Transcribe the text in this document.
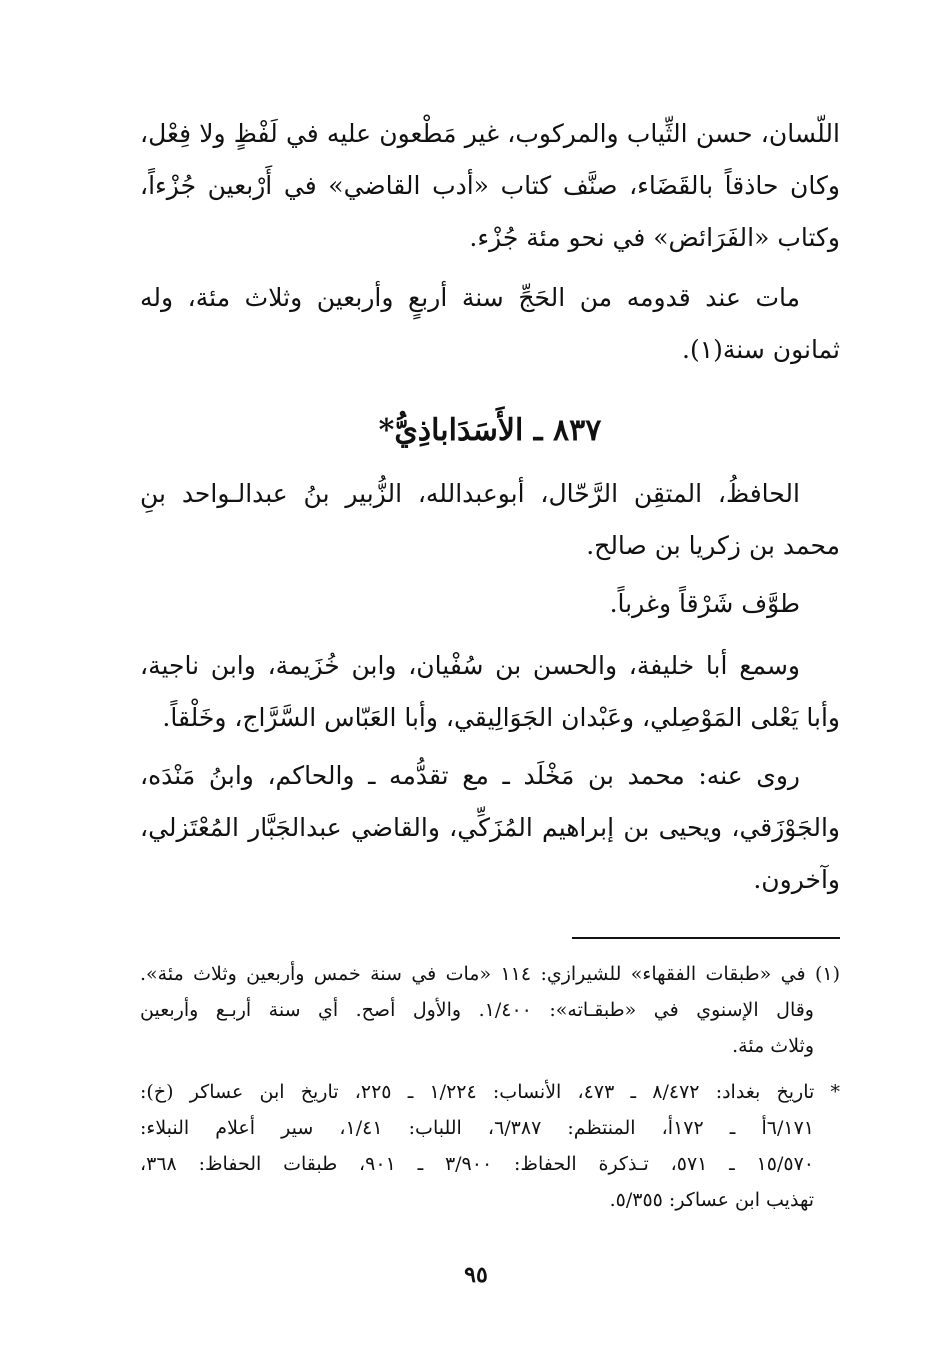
اللّسان، حسن الثِّياب والمركوب، غير مَطْعون عليه في لَفْظٍ ولا فِعْل،
وكان حاذقاً بالقَضَاء، صنَّف كتاب «أدب القاضي» في أَرْبعين جُزْءاً،
وكتاب «الفَرَائض» في نحو مئة جُزْء.
مات عند قدومه من الحَجِّ سنة أربعٍ وأربعين وثلاث مئة، وله
ثمانون سنة(١).
٨٣٧ ـ الأَسَدَاباذِيُّ*
الحافظُ، المتقِن الرَّحّال، أبوعبدالله، الزُّبير بنُ عبدالـواحد بنِ
محمد بن زكريا بن صالح.
طوَّف شَرْقاً وغرباً.
وسمع أبا خليفة، والحسن بن سُفْيان، وابن خُزَيمة، وابن ناجية،
وأبا يَعْلى المَوْصِلي، وعَبْدان الجَوَالِيقي، وأبا العَبّاس السَّرَّاج، وخَلْقاً.
روى عنه: محمد بن مَخْلَد ـ مع تقدُّمه ـ والحاكم، وابنُ مَنْدَه،
والجَوْزَقي، ويحيى بن إبراهيم المُزَكِّي، والقاضي عبدالجَبَّار المُعْتَزلي،
وآخرون.
(١) في «طبقات الفقهاء» للشيرازي: ١١٤ «مات في سنة خمس وأربعين وثلاث مئة».
وقال الإسنوي في «طبقـاته»: ١/٤٠٠. والأول أصح. أي سنة أربـع وأربعين
وثلاث مئة.
* تاريخ بغداد: ٨/٤٧٢ ـ ٤٧٣، الأنساب: ١/٢٢٤ ـ ٢٢٥، تاريخ ابن عساكر (خ):
٦/١٧١أ ـ ١٧٢أ، المنتظم: ٦/٣٨٧، اللباب: ١/٤١، سير أعلام النبلاء:
١٥/٥٧٠ ـ ٥٧١، تـذكرة الحفاظ: ٣/٩٠٠ ـ ٩٠١، طبقات الحفاظ: ٣٦٨،
تهذيب ابن عساكر: ٥/٣٥٥.
٩٥
